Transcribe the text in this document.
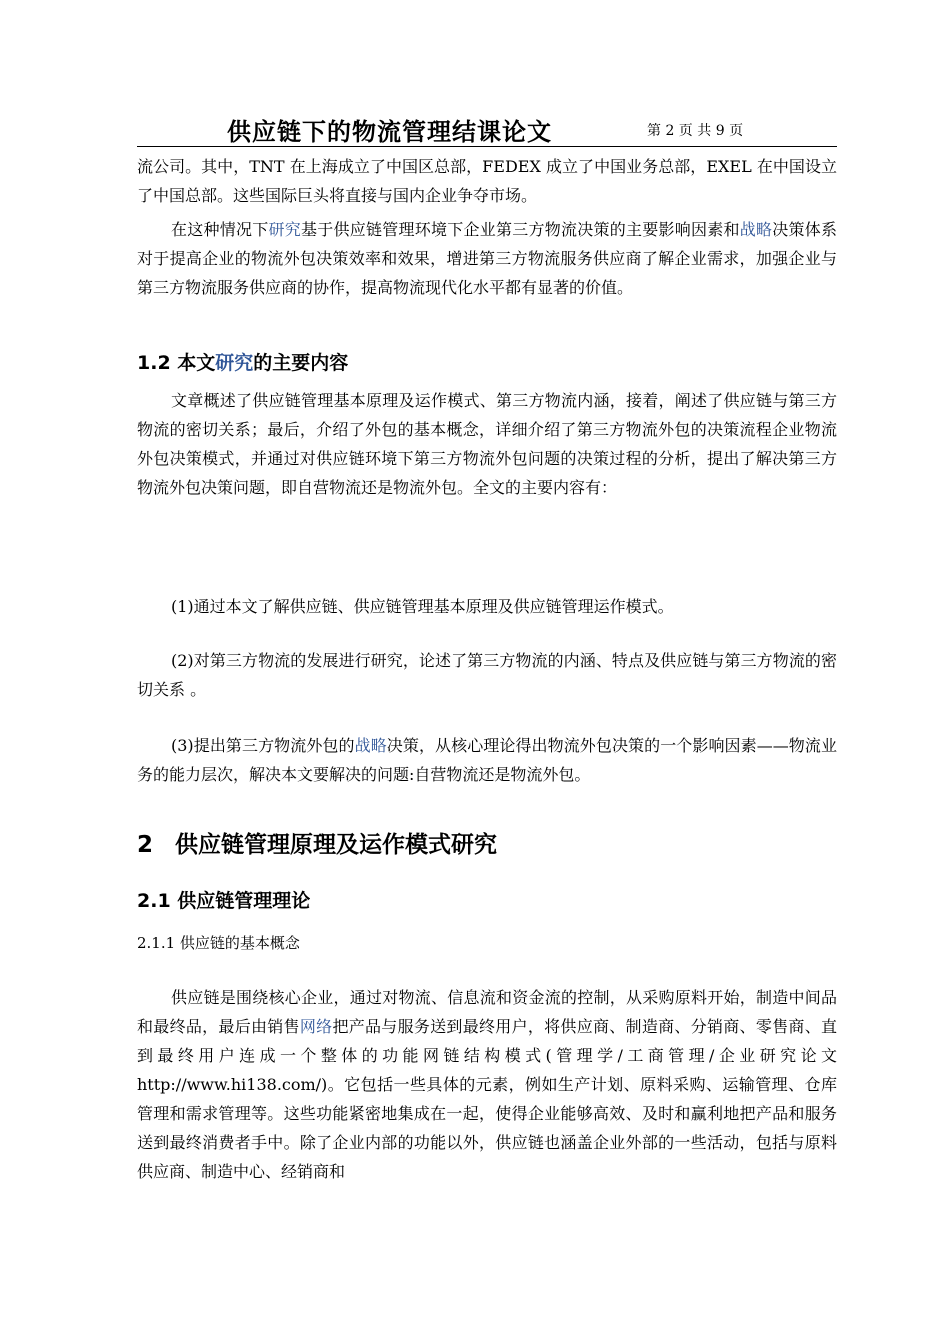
供应链下的物流管理结课论文	第 2 页 共 9 页
流公司。其中，TNT 在上海成立了中国区总部，FEDEX 成立了中国业务总部，EXEL 在中国设立了中国总部。这些国际巨头将直接与国内企业争夺市场。
在这种情况下研究基于供应链管理环境下企业第三方物流决策的主要影响因素和战略决策体系对于提高企业的物流外包决策效率和效果，增进第三方物流服务供应商了解企业需求，加强企业与第三方物流服务供应商的协作，提高物流现代化水平都有显著的价值。
1.2 本文研究的主要内容
文章概述了供应链管理基本原理及运作模式、第三方物流内涵，接着，阐述了供应链与第三方物流的密切关系；最后，介绍了外包的基本概念，详细介绍了第三方物流外包的决策流程企业物流外包决策模式，并通过对供应链环境下第三方物流外包问题的决策过程的分析，提出了解决第三方物流外包决策问题，即自营物流还是物流外包。全文的主要内容有：
(1)通过本文了解供应链、供应链管理基本原理及供应链管理运作模式。
(2)对第三方物流的发展进行研究，论述了第三方物流的内涵、特点及供应链与第三方物流的密切关系 。
(3)提出第三方物流外包的战略决策，从核心理论得出物流外包决策的一个影响因素——物流业务的能力层次，解决本文要解决的问题:自营物流还是物流外包。
2 供应链管理原理及运作模式研究
2.1 供应链管理理论
2.1.1 供应链的基本概念
供应链是围绕核心企业，通过对物流、信息流和资金流的控制，从采购原料开始，制造中间品和最终品，最后由销售网络把产品与服务送到最终用户，将供应商、制造商、分销商、零售商、直到最终用户连成一个整体的功能网链结构模式(管理学/工商管理/企业研究论文 http://www.hi138.com/)。它包括一些具体的元素，例如生产计划、原料采购、运输管理、仓库管理和需求管理等。这些功能紧密地集成在一起，使得企业能够高效、及时和赢利地把产品和服务送到最终消费者手中。除了企业内部的功能以外，供应链也涵盖企业外部的一些活动，包括与原料供应商、制造中心、经销商和
